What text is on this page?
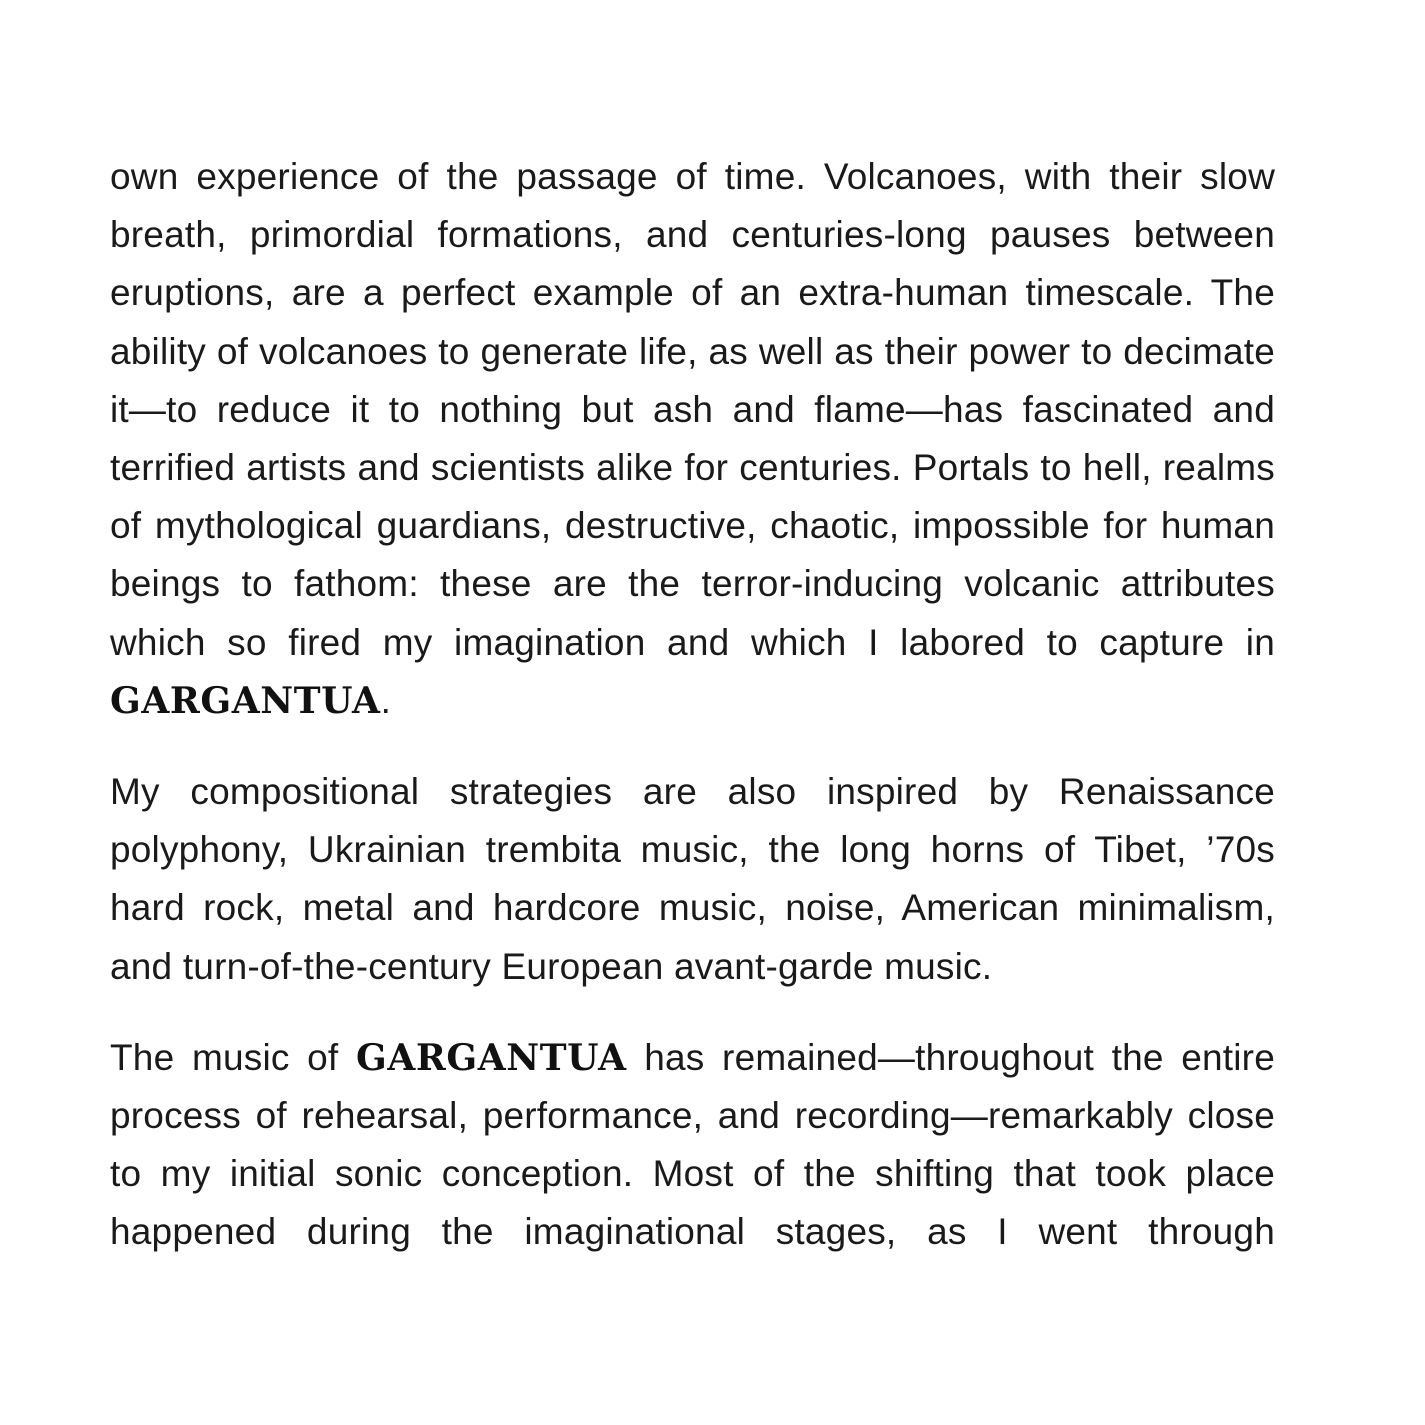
own experience of the passage of time. Volcanoes, with their slow breath, primordial formations, and centuries-long pauses between eruptions, are a perfect example of an extra-human timescale. The ability of volcanoes to generate life, as well as their power to decimate it—to reduce it to nothing but ash and flame—has fascinated and terrified artists and scientists alike for centuries. Portals to hell, realms of mythological guardians, destructive, chaotic, impossible for human beings to fathom: these are the terror-inducing volcanic attributes which so fired my imagination and which I labored to capture in GARGANTUA.

My compositional strategies are also inspired by Renaissance polyphony, Ukrainian trembita music, the long horns of Tibet, ’70s hard rock, metal and hardcore music, noise, American minimalism, and turn-of-the-century European avant-garde music.

The music of GARGANTUA has remained—throughout the entire process of rehearsal, performance, and recording—remarkably close to my initial sonic conception. Most of the shifting that took place happened during the imaginational stages, as I went through
